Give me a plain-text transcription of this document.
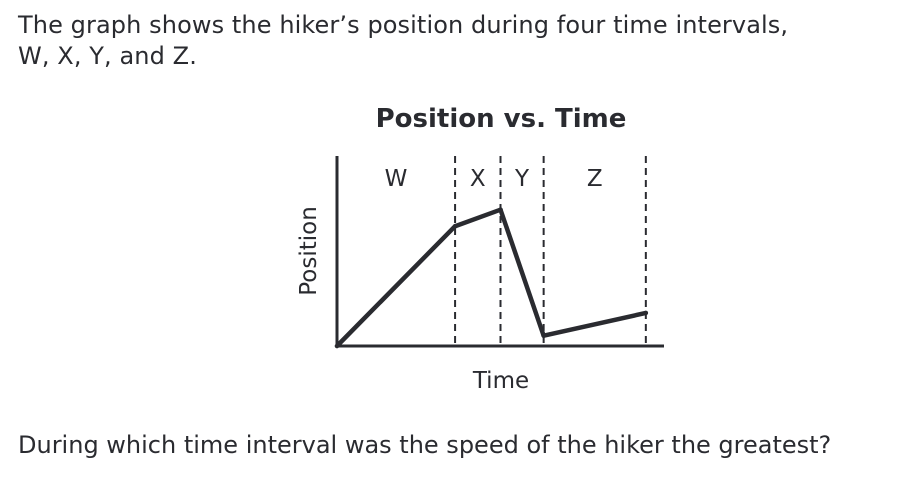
The graph shows the hiker’s position during four time intervals,
W, X, Y, and Z.
Position vs. Time
Position
Time
W	X Y	Z
During which time interval was the speed of the hiker the greatest?
